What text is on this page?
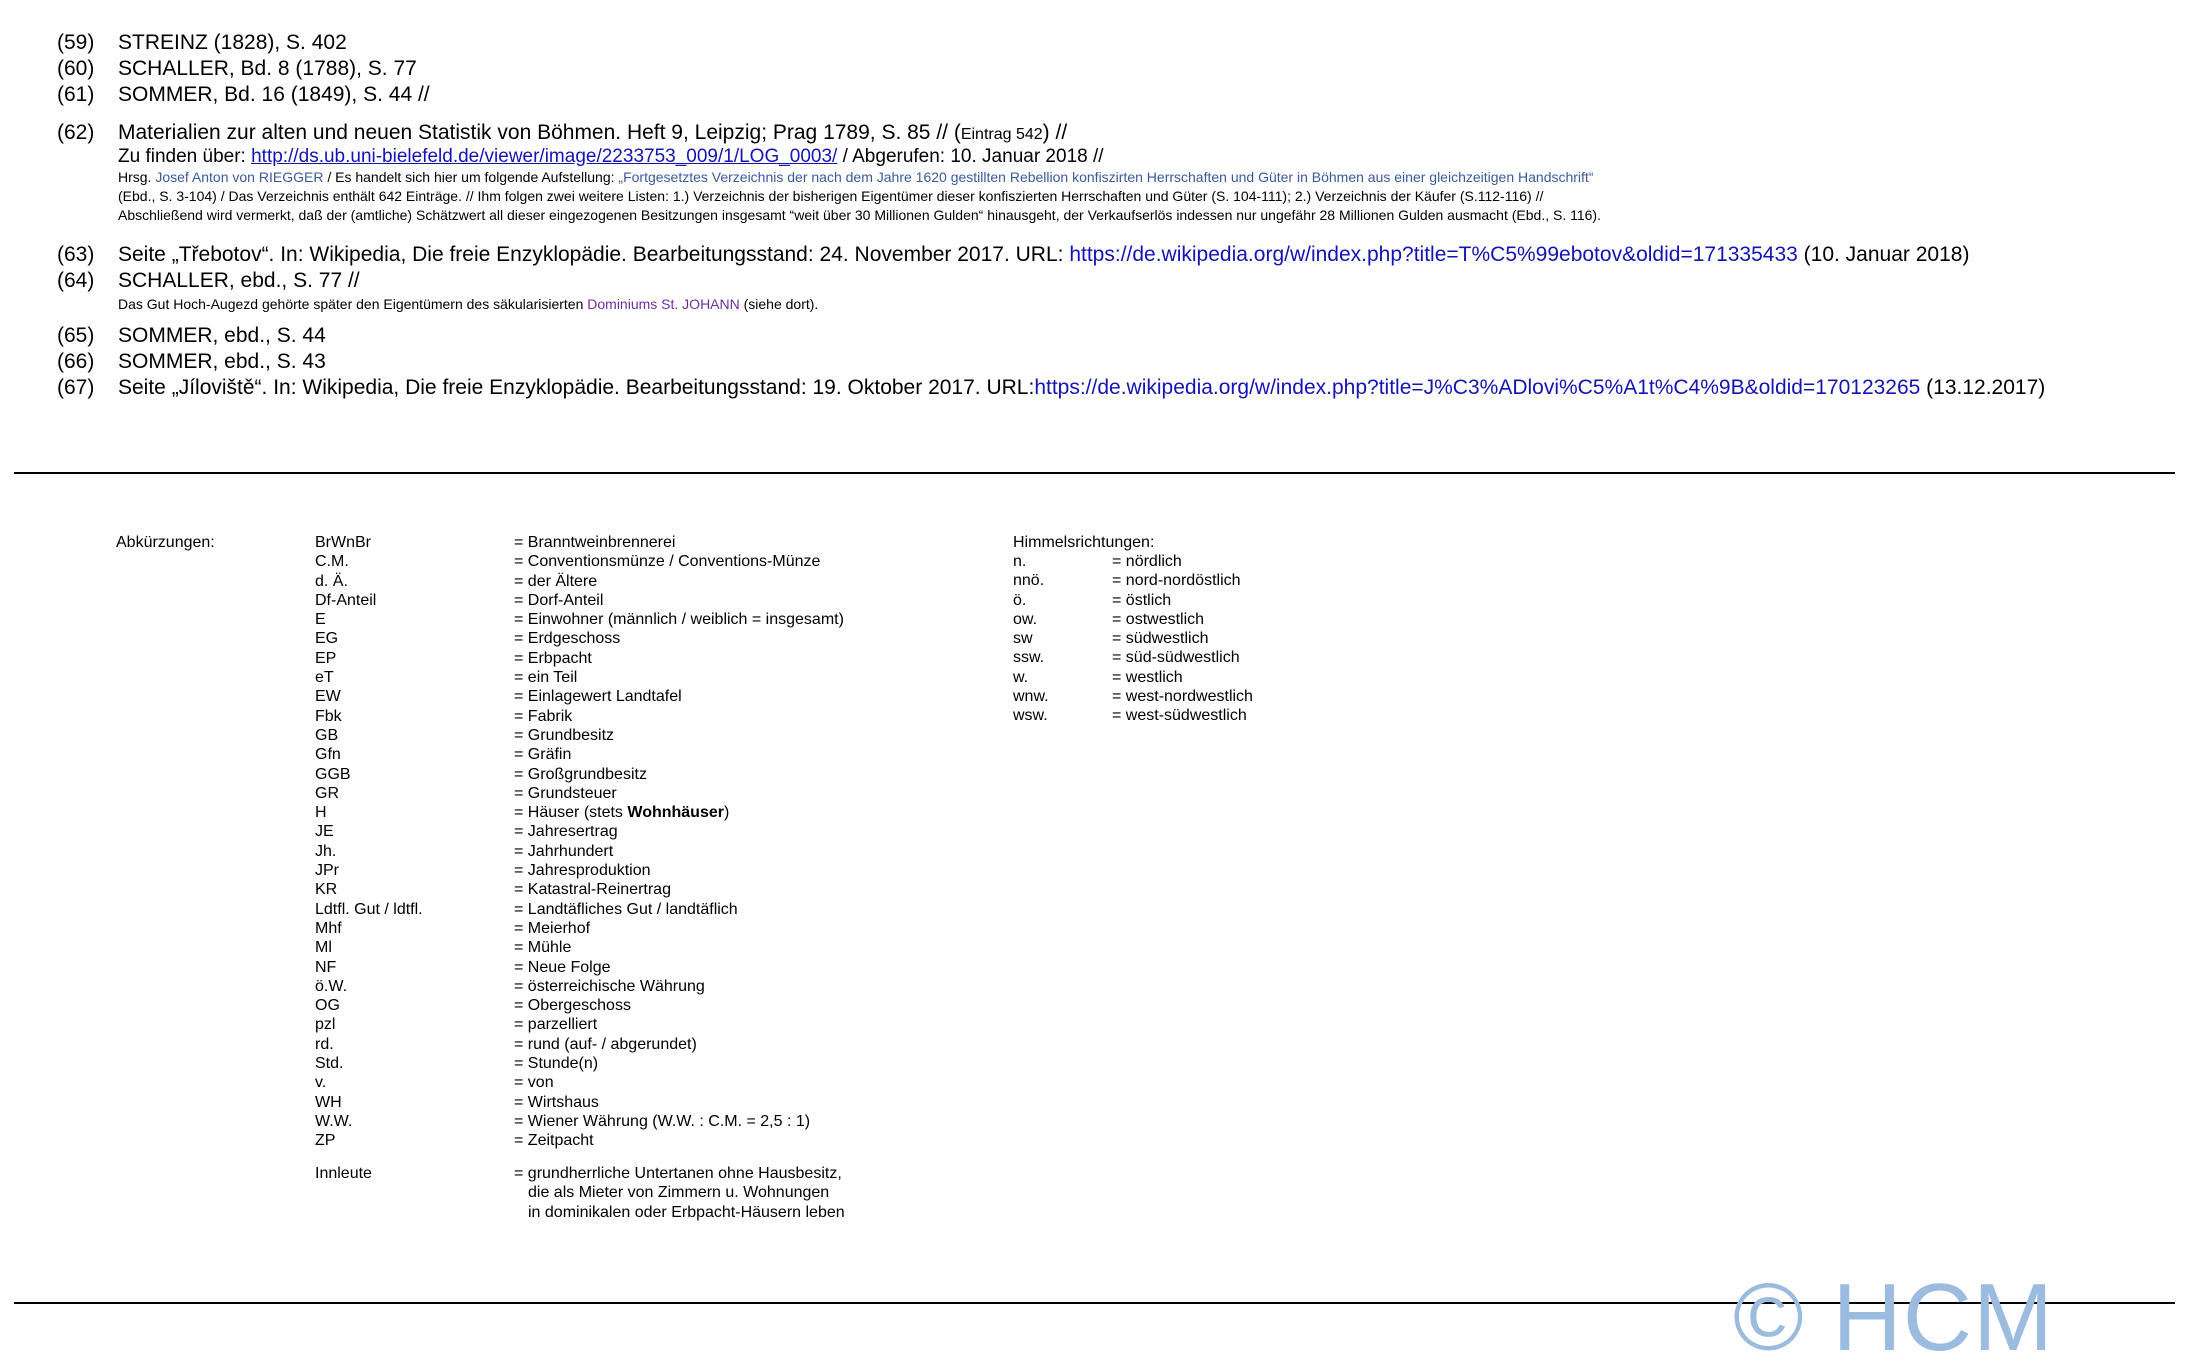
(59) STREINZ (1828), S. 402
(60) SCHALLER, Bd. 8 (1788), S. 77
(61) SOMMER, Bd. 16 (1849), S. 44 //
(62) Materialien zur alten und neuen Statistik von Böhmen. Heft 9, Leipzig; Prag 1789, S. 85 // (Eintrag 542) //
Zu finden über: http://ds.ub.uni-bielefeld.de/viewer/image/2233753_009/1/LOG_0003/ / Abgerufen: 10. Januar 2018 //
Hrsg. Josef Anton von RIEGGER / Es handelt sich hier um folgende Aufstellung: „Fortgesetztes Verzeichnis der nach dem Jahre 1620 gestillten Rebellion konfiszirten Herrschaften und Güter in Böhmen aus einer gleichzeitigen Handschrift“
(Ebd., S. 3-104) / Das Verzeichnis enthält 642 Einträge. // Ihm folgen zwei weitere Listen: 1.) Verzeichnis der bisherigen Eigentümer dieser konfiszierten Herrschaften und Güter (S. 104-111); 2.) Verzeichnis der Käufer (S.112-116) //
Abschließend wird vermerkt, daß der (amtliche) Schätzwert all dieser eingezogenen Besitzungen insgesamt “weit über 30 Millionen Gulden“ hinausgeht, der Verkaufserlös indessen nur ungefähr 28 Millionen Gulden ausmacht (Ebd., S. 116).
(63) Seite „Třebotov“. In: Wikipedia, Die freie Enzyklopädie. Bearbeitungsstand: 24. November 2017. URL: https://de.wikipedia.org/w/index.php?title=T%C5%99ebotov&oldid=171335433 (10. Januar 2018)
(64) SCHALLER, ebd., S. 77 //
Das Gut Hoch-Augezd gehörte später den Eigentümern des säkularisierten Dominiums St. JOHANN (siehe dort).
(65) SOMMER, ebd., S. 44
(66) SOMMER, ebd., S. 43
(67) Seite „Jíloviště“. In: Wikipedia, Die freie Enzyklopädie. Bearbeitungsstand: 19. Oktober 2017. URL:https://de.wikipedia.org/w/index.php?title=J%C3%ADlovi%C5%A1t%C4%9B&oldid=170123265 (13.12.2017)
Abkürzungen:	BrWnBr
C.M.
d. Ä.
Df-Anteil
E
EG
EP
eT
EW
Fbk
GB
Gfn
GGB
GR
H
JE
Jh.
JPr
KR
Ldtfl. Gut / ldtfl.
Mhf
Ml
NF
ö.W.
OG
pzl
rd.
Std.
v.
WH
W.W.
ZP
= Branntweinbrennerei
= Conventionsmünze / Conventions-Münze
= der Ältere
= Dorf-Anteil
= Einwohner (männlich / weiblich = insgesamt)
= Erdgeschoss
= Erbpacht
= ein Teil
= Einlagewert Landtafel
= Fabrik
= Grundbesitz
= Gräfin
= Großgrundbesitz
= Grundsteuer
= Häuser (stets Wohnhäuser)
= Jahresertrag
= Jahrhundert
= Jahresproduktion
= Katastral-Reinertrag
= Landtäfliches Gut / landtäflich
= Meierhof
= Mühle
= Neue Folge
= österreichische Währung
= Obergeschoss
= parzelliert
= rund (auf- / abgerundet)
= Stunde(n)
= von
= Wirtshaus
= Wiener Währung (W.W. : C.M. = 2,5 : 1)
= Zeitpacht
Innleute	= grundherrliche Untertanen ohne Hausbesitz,
die als Mieter von Zimmern u. Wohnungen
in dominikalen oder Erbpacht-Häusern leben
Himmelsrichtungen:
n.
nnö.
ö.
ow.
sw
ssw.
w.
wnw.
wsw.
= nördlich
= nord-nordöstlich
= östlich
= ostwestlich
= südwestlich
= süd-südwestlich
= westlich
= west-nordwestlich
= west-südwestlich
© HCM
